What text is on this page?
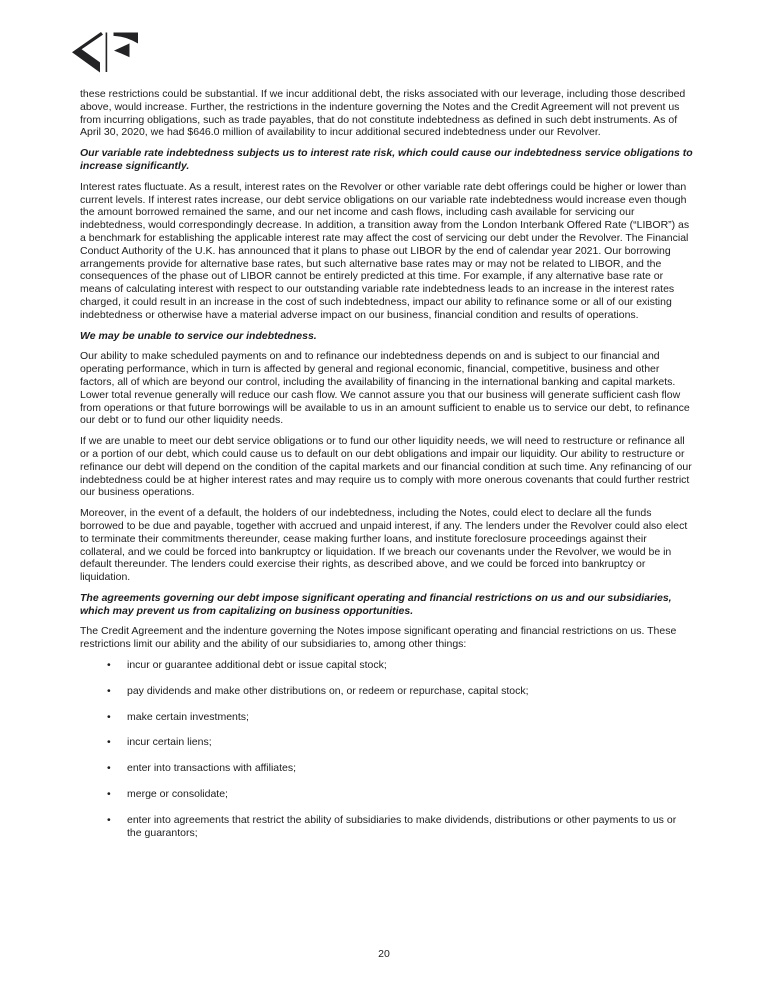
these restrictions could be substantial. If we incur additional debt, the risks associated with our leverage, including those described above, would increase. Further, the restrictions in the indenture governing the Notes and the Credit Agreement will not prevent us from incurring obligations, such as trade payables, that do not constitute indebtedness as defined in such debt instruments. As of April 30, 2020, we had $646.0 million of availability to incur additional secured indebtedness under our Revolver.

Our variable rate indebtedness subjects us to interest rate risk, which could cause our indebtedness service obligations to increase significantly.

Interest rates fluctuate. As a result, interest rates on the Revolver or other variable rate debt offerings could be higher or lower than current levels. If interest rates increase, our debt service obligations on our variable rate indebtedness would increase even though the amount borrowed remained the same, and our net income and cash flows, including cash available for servicing our indebtedness, would correspondingly decrease. In addition, a transition away from the London Interbank Offered Rate (“LIBOR”) as a benchmark for establishing the applicable interest rate may affect the cost of servicing our debt under the Revolver. The Financial Conduct Authority of the U.K. has announced that it plans to phase out LIBOR by the end of calendar year 2021. Our borrowing arrangements provide for alternative base rates, but such alternative base rates may or may not be related to LIBOR, and the consequences of the phase out of LIBOR cannot be entirely predicted at this time. For example, if any alternative base rate or means of calculating interest with respect to our outstanding variable rate indebtedness leads to an increase in the interest rates charged, it could result in an increase in the cost of such indebtedness, impact our ability to refinance some or all of our existing indebtedness or otherwise have a material adverse impact on our business, financial condition and results of operations.

We may be unable to service our indebtedness.

Our ability to make scheduled payments on and to refinance our indebtedness depends on and is subject to our financial and operating performance, which in turn is affected by general and regional economic, financial, competitive, business and other factors, all of which are beyond our control, including the availability of financing in the international banking and capital markets. Lower total revenue generally will reduce our cash flow. We cannot assure you that our business will generate sufficient cash flow from operations or that future borrowings will be available to us in an amount sufficient to enable us to service our debt, to refinance our debt or to fund our other liquidity needs.

If we are unable to meet our debt service obligations or to fund our other liquidity needs, we will need to restructure or refinance all or a portion of our debt, which could cause us to default on our debt obligations and impair our liquidity. Our ability to restructure or refinance our debt will depend on the condition of the capital markets and our financial condition at such time. Any refinancing of our indebtedness could be at higher interest rates and may require us to comply with more onerous covenants that could further restrict our business operations.

Moreover, in the event of a default, the holders of our indebtedness, including the Notes, could elect to declare all the funds borrowed to be due and payable, together with accrued and unpaid interest, if any. The lenders under the Revolver could also elect to terminate their commitments thereunder, cease making further loans, and institute foreclosure proceedings against their collateral, and we could be forced into bankruptcy or liquidation. If we breach our covenants under the Revolver, we would be in default thereunder. The lenders could exercise their rights, as described above, and we could be forced into bankruptcy or liquidation.

The agreements governing our debt impose significant operating and financial restrictions on us and our subsidiaries, which may prevent us from capitalizing on business opportunities.

The Credit Agreement and the indenture governing the Notes impose significant operating and financial restrictions on us. These restrictions limit our ability and the ability of our subsidiaries to, among other things:

• incur or guarantee additional debt or issue capital stock;
• pay dividends and make other distributions on, or redeem or repurchase, capital stock;
• make certain investments;
• incur certain liens;
• enter into transactions with affiliates;
• merge or consolidate;
• enter into agreements that restrict the ability of subsidiaries to make dividends, distributions or other payments to us or the guarantors;
20
